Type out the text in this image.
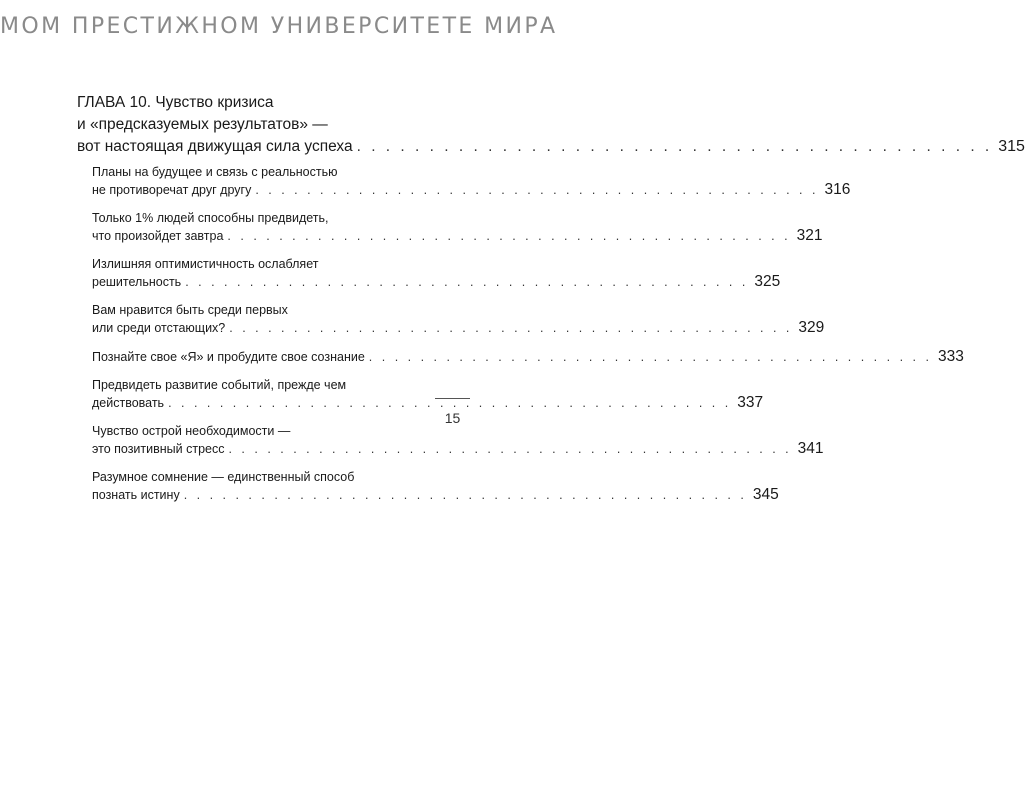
МОМ ПРЕСТИЖНОМ УНИВЕРСИТЕТЕ МИРА
ГЛАВА 10. Чувство кризиса
и «предсказуемых результатов» —
вот настоящая движущая сила успеха . . . . . . . . . . . . . . . . . . . . . . . . . . . . . . . . . . . . . . . . . . . . 315
Планы на будущее и связь с реальностью
не противоречат друг другу . . . . . . . . . . . . . . . . . . . . . . . . . . . . . . . . . . . . . . . . . . . . 316
Только 1% людей способны предвидеть,
что произойдет завтра . . . . . . . . . . . . . . . . . . . . . . . . . . . . . . . . . . . . . . . . . . . . 321
Излишняя оптимистичность ослабляет
решительность . . . . . . . . . . . . . . . . . . . . . . . . . . . . . . . . . . . . . . . . . . . . 325
Вам нравится быть среди первых
или среди отстающих? . . . . . . . . . . . . . . . . . . . . . . . . . . . . . . . . . . . . . . . . . . . . 329
Познайте свое «Я» и пробудите свое сознание . . . . . . . . . . . . . . . . . . . . . . . . . . . . . . . . . . . . . . . . . . . . 333
Предвидеть развитие событий, прежде чем
действовать . . . . . . . . . . . . . . . . . . . . . . . . . . . . . . . . . . . . . . . . . . . . 337
Чувство острой необходимости —
это позитивный стресс . . . . . . . . . . . . . . . . . . . . . . . . . . . . . . . . . . . . . . . . . . . . 341
Разумное сомнение — единственный способ
познать истину . . . . . . . . . . . . . . . . . . . . . . . . . . . . . . . . . . . . . . . . . . . . 345
15
